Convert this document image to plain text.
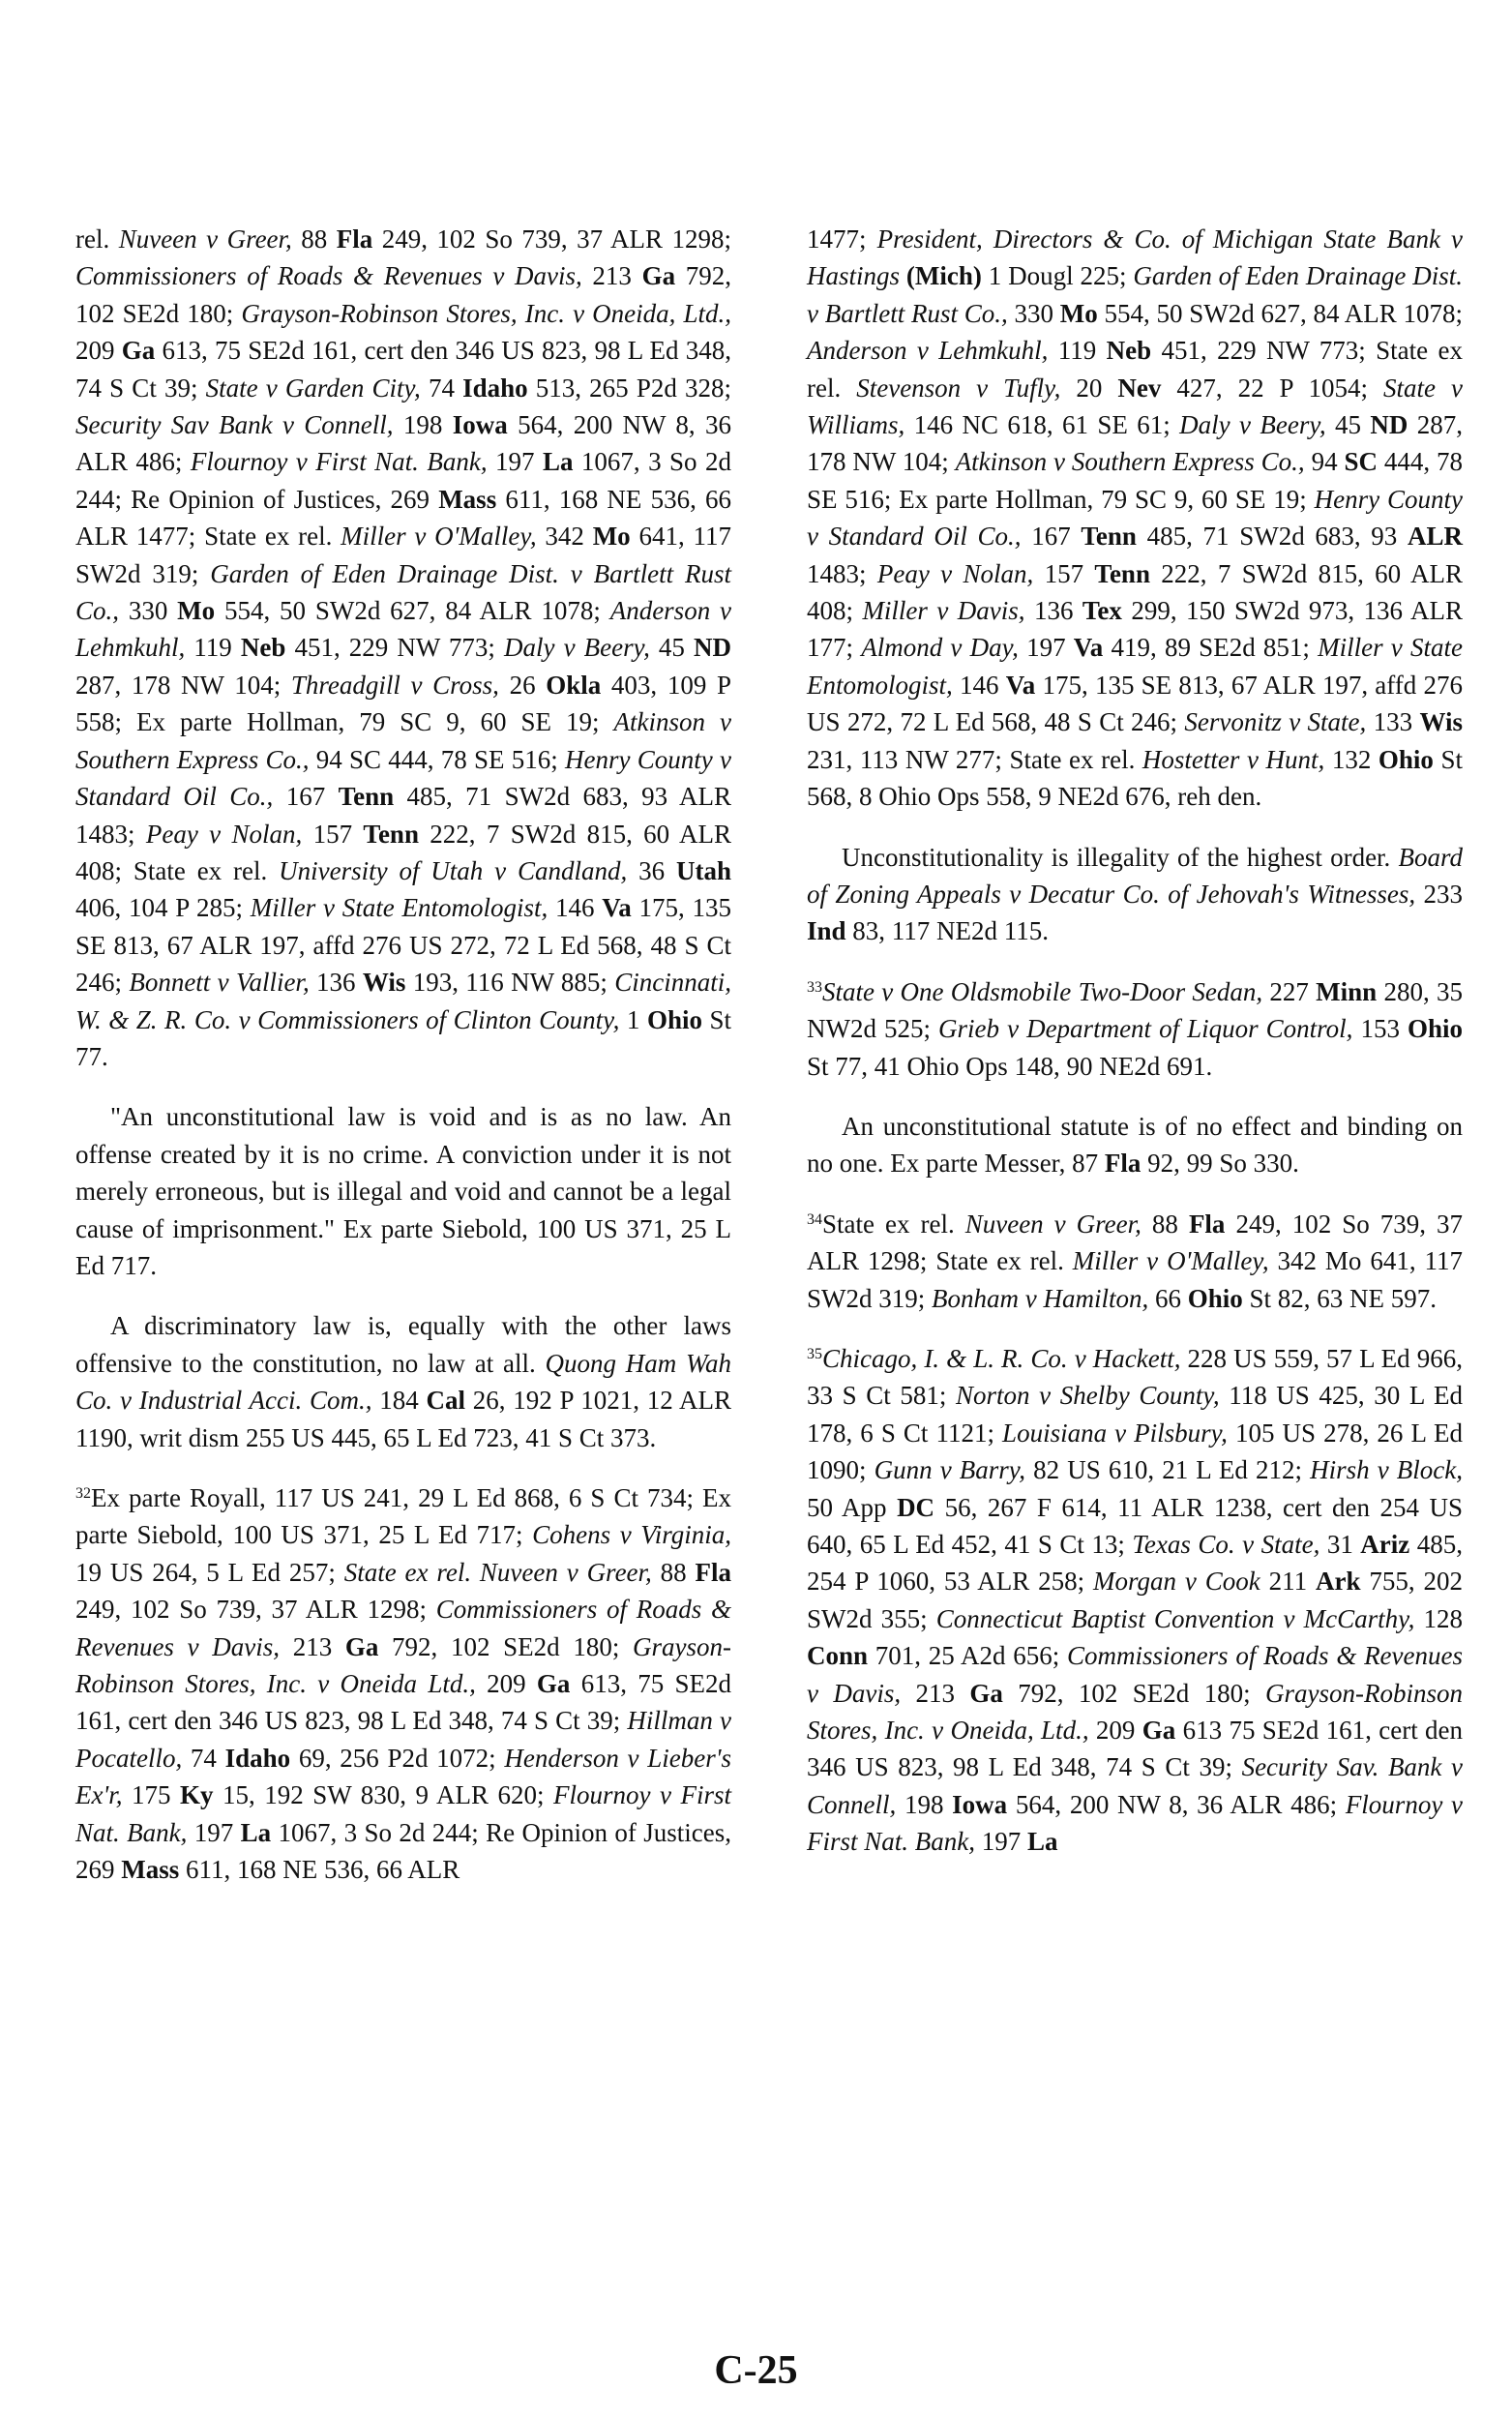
rel. Nuveen v Greer, 88 Fla 249, 102 So 739, 37 ALR 1298; Commissioners of Roads & Revenues v Davis, 213 Ga 792, 102 SE2d 180; Grayson-Robinson Stores, Inc. v Oneida, Ltd., 209 Ga 613, 75 SE2d 161, cert den 346 US 823, 98 L Ed 348, 74 S Ct 39; State v Garden City, 74 Idaho 513, 265 P2d 328; Security Sav Bank v Connell, 198 Iowa 564, 200 NW 8, 36 ALR 486; Flournoy v First Nat. Bank, 197 La 1067, 3 So 2d 244; Re Opinion of Justices, 269 Mass 611, 168 NE 536, 66 ALR 1477; State ex rel. Miller v O'Malley, 342 Mo 641, 117 SW2d 319; Garden of Eden Drainage Dist. v Bartlett Rust Co., 330 Mo 554, 50 SW2d 627, 84 ALR 1078; Anderson v Lehmkuhl, 119 Neb 451, 229 NW 773; Daly v Beery, 45 ND 287, 178 NW 104; Threadgill v Cross, 26 Okla 403, 109 P 558; Ex parte Hollman, 79 SC 9, 60 SE 19; Atkinson v Southern Express Co., 94 SC 444, 78 SE 516; Henry County v Standard Oil Co., 167 Tenn 485, 71 SW2d 683, 93 ALR 1483; Peay v Nolan, 157 Tenn 222, 7 SW2d 815, 60 ALR 408; State ex rel. University of Utah v Candland, 36 Utah 406, 104 P 285; Miller v State Entomologist, 146 Va 175, 135 SE 813, 67 ALR 197, affd 276 US 272, 72 L Ed 568, 48 S Ct 246; Bonnett v Vallier, 136 Wis 193, 116 NW 885; Cincinnati, W. & Z. R. Co. v Commissioners of Clinton County, 1 Ohio St 77.

"An unconstitutional law is void and is as no law. An offense created by it is no crime. A conviction under it is not merely erroneous, but is illegal and void and cannot be a legal cause of imprisonment." Ex parte Siebold, 100 US 371, 25 L Ed 717.

A discriminatory law is, equally with the other laws offensive to the constitution, no law at all. Quong Ham Wah Co. v Industrial Acci. Com., 184 Cal 26, 192 P 1021, 12 ALR 1190, writ dism 255 US 445, 65 L Ed 723, 41 S Ct 373.

$^{32}$Ex parte Royall, 117 US 241, 29 L Ed 868, 6 S Ct 734; Ex parte Siebold, 100 US 371, 25 L Ed 717; Cohens v Virginia, 19 US 264, 5 L Ed 257; State ex rel. Nuveen v Greer, 88 Fla 249, 102 So 739, 37 ALR 1298; Commissioners of Roads & Revenues v Davis, 213 Ga 792, 102 SE2d 180; Grayson-Robinson Stores, Inc. v Oneida Ltd., 209 Ga 613, 75 SE2d 161, cert den 346 US 823, 98 L Ed 348, 74 S Ct 39; Hillman v Pocatello, 74 Idaho 69, 256 P2d 1072; Henderson v Lieber's Ex'r, 175 Ky 15, 192 SW 830, 9 ALR 620; Flournoy v First Nat. Bank, 197 La 1067, 3 So 2d 244; Re Opinion of Justices, 269 Mass 611, 168 NE 536, 66 ALR

1477; President, Directors & Co. of Michigan State Bank v Hastings (Mich) 1 Dougl 225; Garden of Eden Drainage Dist. v Bartlett Rust Co., 330 Mo 554, 50 SW2d 627, 84 ALR 1078; Anderson v Lehmkuhl, 119 Neb 451, 229 NW 773; State ex rel. Stevenson v Tufly, 20 Nev 427, 22 P 1054; State v Williams, 146 NC 618, 61 SE 61; Daly v Beery, 45 ND 287, 178 NW 104; Atkinson v Southern Express Co., 94 SC 444, 78 SE 516; Ex parte Hollman, 79 SC 9, 60 SE 19; Henry County v Standard Oil Co., 167 Tenn 485, 71 SW2d 683, 93 ALR 1483; Peay v Nolan, 157 Tenn 222, 7 SW2d 815, 60 ALR 408; Miller v Davis, 136 Tex 299, 150 SW2d 973, 136 ALR 177; Almond v Day, 197 Va 419, 89 SE2d 851; Miller v State Entomologist, 146 Va 175, 135 SE 813, 67 ALR 197, affd 276 US 272, 72 L Ed 568, 48 S Ct 246; Servonitz v State, 133 Wis 231, 113 NW 277; State ex rel. Hostetter v Hunt, 132 Ohio St 568, 8 Ohio Ops 558, 9 NE2d 676, reh den.

Unconstitutionality is illegality of the highest order. Board of Zoning Appeals v Decatur Co. of Jehovah's Witnesses, 233 Ind 83, 117 NE2d 115.

$^{33}$State v One Oldsmobile Two-Door Sedan, 227 Minn 280, 35 NW2d 525; Grieb v Department of Liquor Control, 153 Ohio St 77, 41 Ohio Ops 148, 90 NE2d 691.

An unconstitutional statute is of no effect and binding on no one. Ex parte Messer, 87 Fla 92, 99 So 330.

$^{34}$State ex rel. Nuveen v Greer, 88 Fla 249, 102 So 739, 37 ALR 1298; State ex rel. Miller v O'Malley, 342 Mo 641, 117 SW2d 319; Bonham v Hamilton, 66 Ohio St 82, 63 NE 597.

$^{35}$Chicago, I. & L. R. Co. v Hackett, 228 US 559, 57 L Ed 966, 33 S Ct 581; Norton v Shelby County, 118 US 425, 30 L Ed 178, 6 S Ct 1121; Louisiana v Pilsbury, 105 US 278, 26 L Ed 1090; Gunn v Barry, 82 US 610, 21 L Ed 212; Hirsh v Block, 50 App DC 56, 267 F 614, 11 ALR 1238, cert den 254 US 640, 65 L Ed 452, 41 S Ct 13; Texas Co. v State, 31 Ariz 485, 254 P 1060, 53 ALR 258; Morgan v Cook 211 Ark 755, 202 SW2d 355; Connecticut Baptist Convention v McCarthy, 128 Conn 701, 25 A2d 656; Commissioners of Roads & Revenues v Davis, 213 Ga 792, 102 SE2d 180; Grayson-Robinson Stores, Inc. v Oneida, Ltd., 209 Ga 613 75 SE2d 161, cert den 346 US 823, 98 L Ed 348, 74 S Ct 39; Security Sav. Bank v Connell, 198 Iowa 564, 200 NW 8, 36 ALR 486; Flournoy v First Nat. Bank, 197 La

C-25
